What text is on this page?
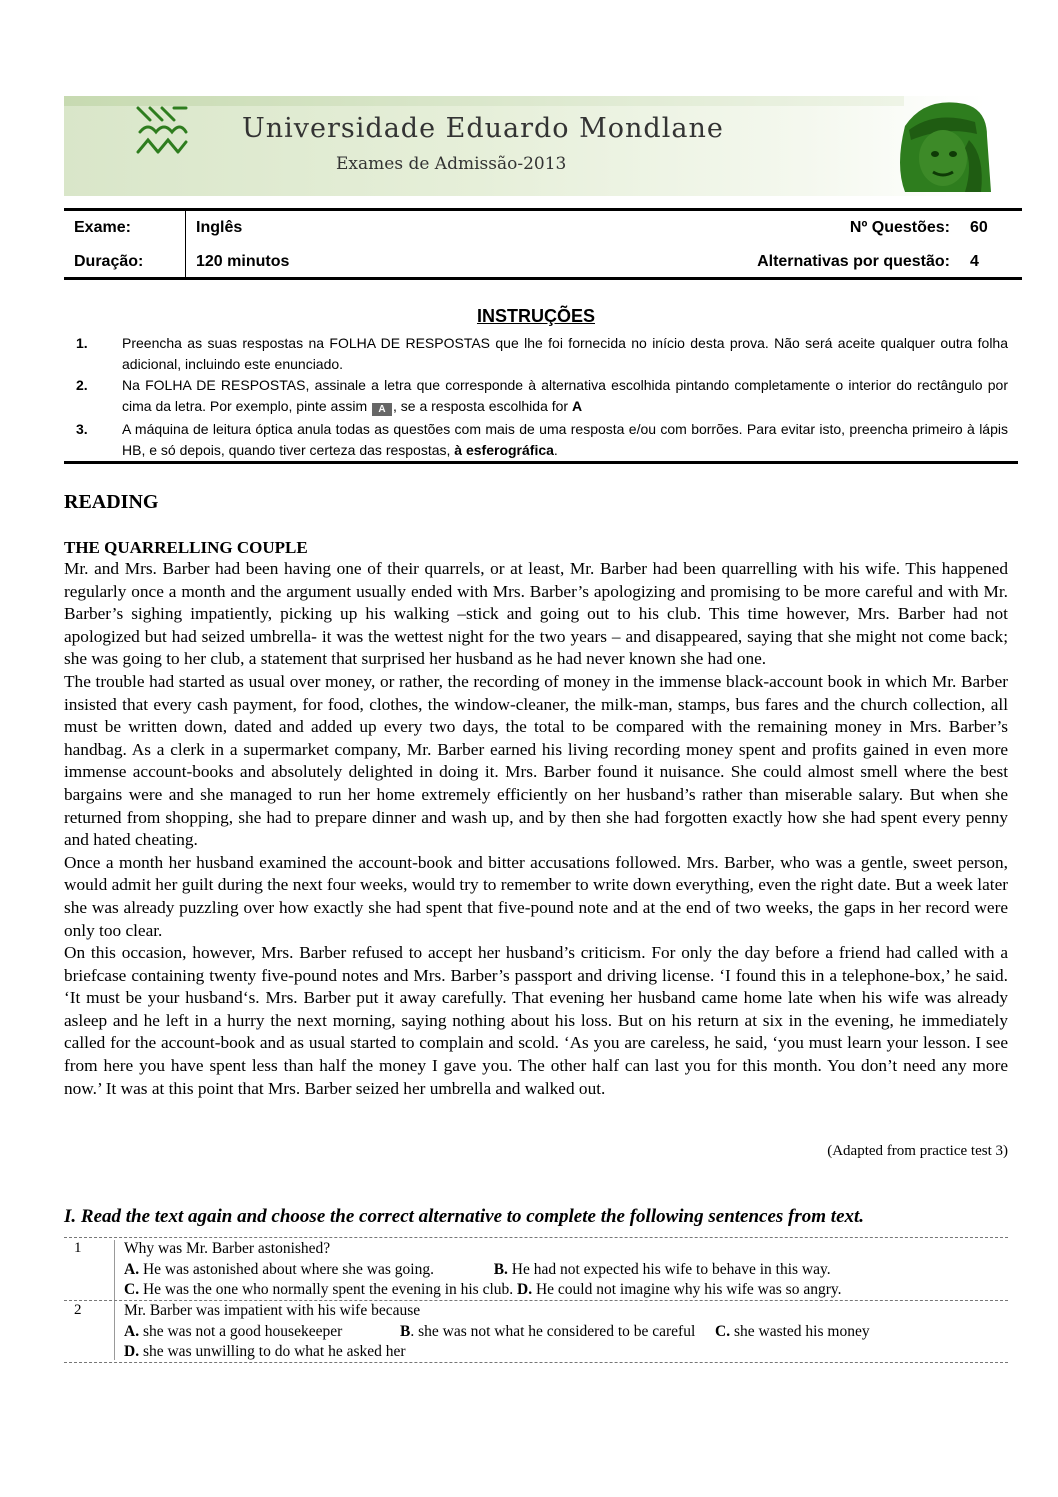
Universidade Eduardo Mondlane
Exames de Admissão-2013
Exame:	Inglês	Nº Questões: 60
Duração:	120 minutos	Alternativas por questão: 4
INSTRUÇÕES
1. Preencha as suas respostas na FOLHA DE RESPOSTAS que lhe foi fornecida no início desta prova. Não será aceite qualquer outra folha adicional, incluindo este enunciado.
2. Na FOLHA DE RESPOSTAS, assinale a letra que corresponde à alternativa escolhida pintando completamente o interior do rectângulo por cima da letra. Por exemplo, pinte assim A , se a resposta escolhida for A
3. A máquina de leitura óptica anula todas as questões com mais de uma resposta e/ou com borrões. Para evitar isto, preencha primeiro à lápis HB, e só depois, quando tiver certeza das respostas, à esferográfica.
READING
THE QUARRELLING COUPLE

Mr. and Mrs. Barber had been having one of their quarrels, or at least, Mr. Barber had been quarrelling with his wife. This happened regularly once a month and the argument usually ended with Mrs. Barber’s apologizing and promising to be more careful and with Mr. Barber’s sighing impatiently, picking up his walking –stick and going out to his club. This time however, Mrs. Barber had not apologized but had seized umbrella- it was the wettest night for the two years – and disappeared, saying that she might not come back; she was going to her club, a statement that surprised her husband as he had never known she had one.

The trouble had started as usual over money, or rather, the recording of money in the immense black-account book in which Mr. Barber insisted that every cash payment, for food, clothes, the window-cleaner, the milk-man, stamps, bus fares and the church collection, all must be written down, dated and added up every two days, the total to be compared with the remaining money in Mrs. Barber’s handbag. As a clerk in a supermarket company, Mr. Barber earned his living recording money spent and profits gained in even more immense account-books and absolutely delighted in doing it. Mrs. Barber found it nuisance. She could almost smell where the best bargains were and she managed to run her home extremely efficiently on her husband’s rather than miserable salary. But when she returned from shopping, she had to prepare dinner and wash up, and by then she had forgotten exactly how she had spent every penny and hated cheating.

Once a month her husband examined the account-book and bitter accusations followed. Mrs. Barber, who was a gentle, sweet person, would admit her guilt during the next four weeks, would try to remember to write down everything, even the right date. But a week later she was already puzzling over how exactly she had spent that five-pound note and at the end of two weeks, the gaps in her record were only too clear.

On this occasion, however, Mrs. Barber refused to accept her husband’s criticism. For only the day before a friend had called with a briefcase containing twenty five-pound notes and Mrs. Barber’s passport and driving license. ‘I found this in a telephone-box,’ he said. ‘It must be your husband‘s. Mrs. Barber put it away carefully. That evening her husband came home late when his wife was already asleep and he left in a hurry the next morning, saying nothing about his loss. But on his return at six in the evening, he immediately called for the account-book and as usual started to complain and scold. ‘As you are careless, he said, ‘you must learn your lesson. I see from here you have spent less than half the money I gave you. The other half can last you for this month. You don’t need any more now.’ It was at this point that Mrs. Barber seized her umbrella and walked out.

(Adapted from practice test 3)
I. Read the text again and choose the correct alternative to complete the following sentences from text.
1	Why was Mr. Barber astonished?
A. He was astonished about where she was going.	B. He had not expected his wife to behave in this way.
C. He was the one who normally spent the evening in his club. D. He could not imagine why his wife was so angry.
2	Mr. Barber was impatient with his wife because
A. she was not a good housekeeper	B. she was not what he considered to be careful C. she wasted his money
D. she was unwilling to do what he asked her
